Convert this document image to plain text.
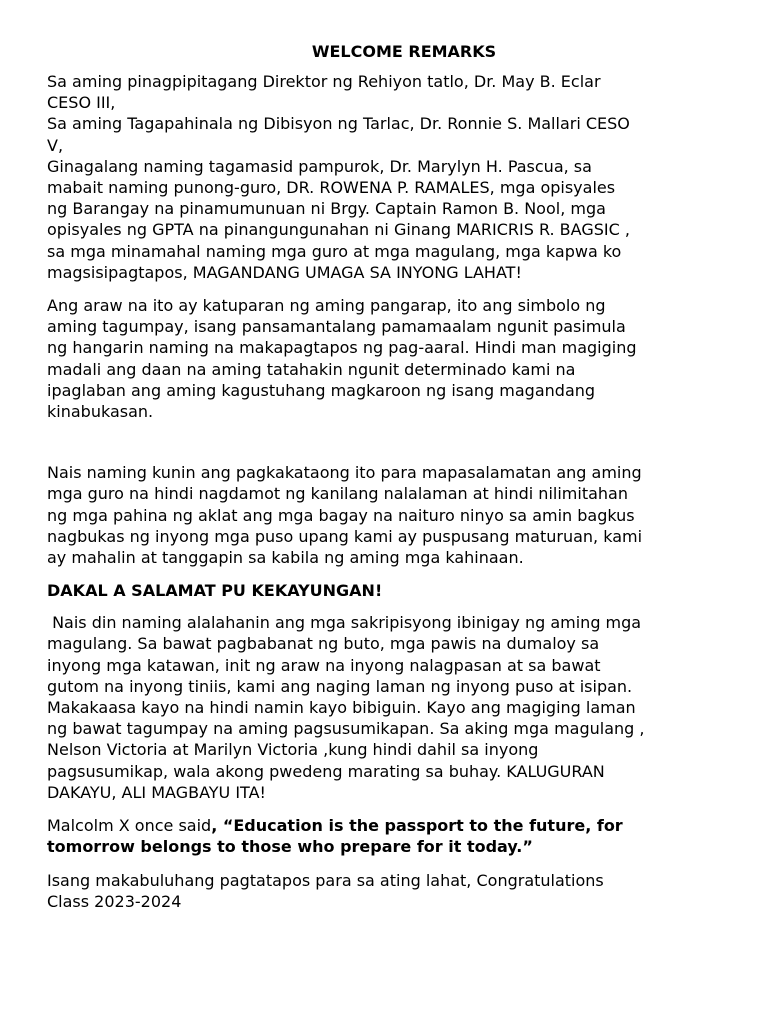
WELCOME REMARKS

Sa aming pinagpipitagang Direktor ng Rehiyon tatlo, Dr. May B. Eclar
CESO III,
Sa aming Tagapahinala ng Dibisyon ng Tarlac, Dr. Ronnie S. Mallari CESO
V,
Ginagalang naming tagamasid pampurok, Dr. Marylyn H. Pascua, sa
mabait naming punong-guro, DR. ROWENA P. RAMALES, mga opisyales
ng Barangay na pinamumunuan ni Brgy. Captain Ramon B. Nool, mga
opisyales ng GPTA na pinangungunahan ni Ginang MARICRIS R. BAGSIC ,
sa mga minamahal naming mga guro at mga magulang, mga kapwa ko
magsisipagtapos, MAGANDANG UMAGA SA INYONG LAHAT!

Ang araw na ito ay katuparan ng aming pangarap, ito ang simbolo ng
aming tagumpay, isang pansamantalang pamamaalam ngunit pasimula
ng hangarin naming na makapagtapos ng pag-aaral. Hindi man magiging
madali ang daan na aming tatahakin ngunit determinado kami na
ipaglaban ang aming kagustuhang magkaroon ng isang magandang
kinabukasan.

Nais naming kunin ang pagkakataong ito para mapasalamatan ang aming
mga guro na hindi nagdamot ng kanilang nalalaman at hindi nilimitahan
ng mga pahina ng aklat ang mga bagay na naituro ninyo sa amin bagkus
nagbukas ng inyong mga puso upang kami ay puspusang maturuan, kami
ay mahalin at tanggapin sa kabila ng aming mga kahinaan.

DAKAL A SALAMAT PU KEKAYUNGAN!

Nais din naming alalahanin ang mga sakripisyong ibinigay ng aming mga
magulang. Sa bawat pagbabanat ng buto, mga pawis na dumaloy sa
inyong mga katawan, init ng araw na inyong nalagpasan at sa bawat
gutom na inyong tiniis, kami ang naging laman ng inyong puso at isipan.
Makakaasa kayo na hindi namin kayo bibiguin. Kayo ang magiging laman
ng bawat tagumpay na aming pagsusumikapan. Sa aking mga magulang ,
Nelson Victoria at Marilyn Victoria ,kung hindi dahil sa inyong
pagsusumikap, wala akong pwedeng marating sa buhay. KALUGURAN
DAKAYU, ALI MAGBAYU ITA!

Malcolm X once said, “Education is the passport to the future, for
tomorrow belongs to those who prepare for it today.”

Isang makabuluhang pagtatapos para sa ating lahat, Congratulations
Class 2023-2024
